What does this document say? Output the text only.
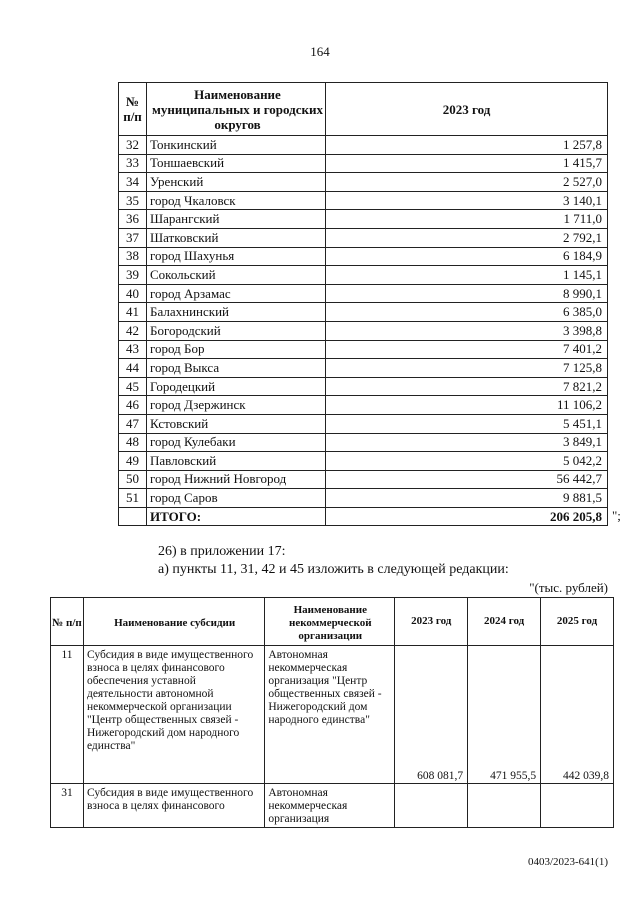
164
№ п/п	Наименование муниципальных и городских округов	2023 год
32	Тонкинский	1 257,8
33	Тоншаевский	1 415,7
34	Уренский	2 527,0
35	город Чкаловск	3 140,1
36	Шарангский	1 711,0
37	Шатковский	2 792,1
38	город Шахунья	6 184,9
39	Сокольский	1 145,1
40	город Арзамас	8 990,1
41	Балахнинский	6 385,0
42	Богородский	3 398,8
43	город Бор	7 401,2
44	город Выкса	7 125,8
45	Городецкий	7 821,2
46	город Дзержинск	11 106,2
47	Кстовский	5 451,1
48	город Кулебаки	3 849,1
49	Павловский	5 042,2
50	город Нижний Новгород	56 442,7
51	город Саров	9 881,5
	ИТОГО:	206 205,8 ";
26) в приложении 17:
а) пункты 11, 31, 42 и 45 изложить в следующей редакции:
"(тыс. рублей)
№ п/п	Наименование субсидии	Наименование некоммерческой организации	2023 год	2024 год	2025 год
11	Субсидия в виде имущественного взноса в целях финансового обеспечения уставной деятельности автономной некоммерческой организации "Центр общественных связей - Нижегородский дом народного единства"	Автономная некоммерческая организация "Центр общественных связей - Нижегородский дом народного единства"	608 081,7	471 955,5	442 039,8
31	Субсидия в виде имущественного взноса в целях финансового	Автономная некоммерческая организация			
0403/2023-641(1)
